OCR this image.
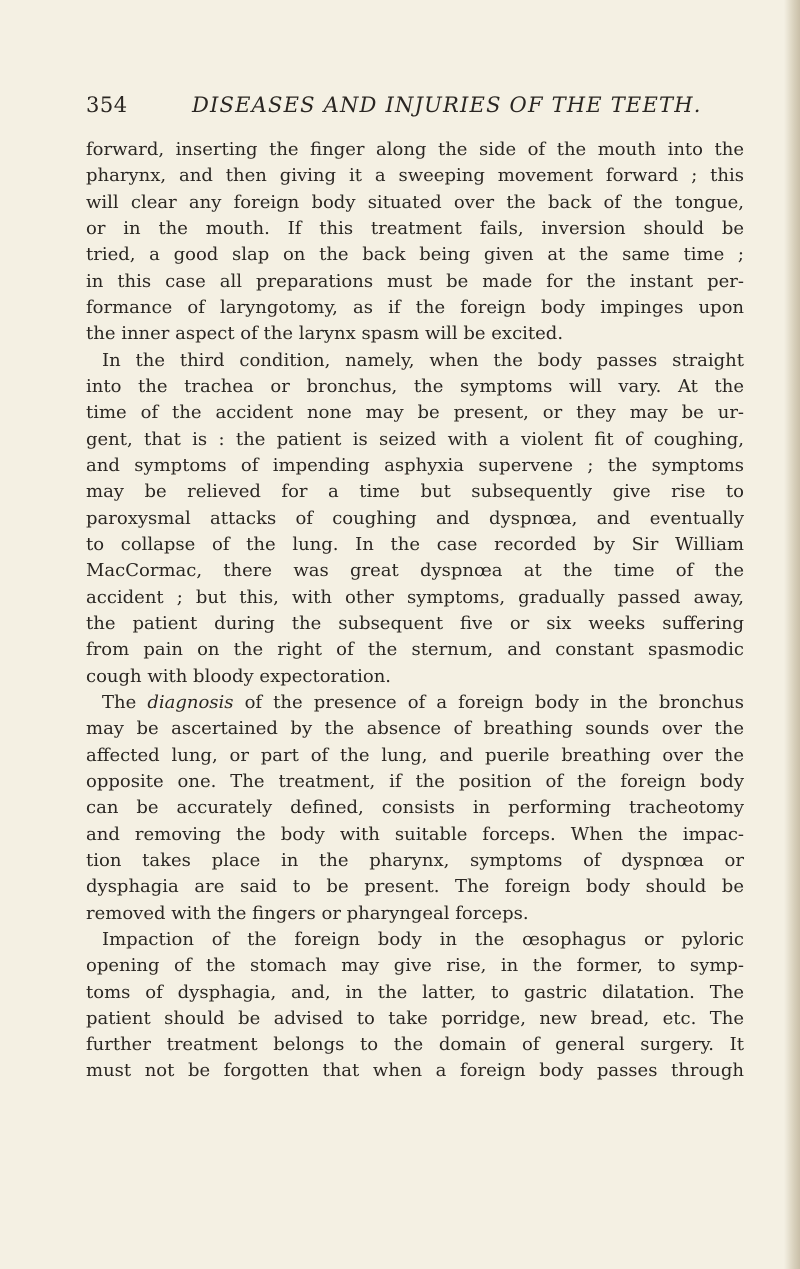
354	DISEASES AND INJURIES OF THE TEETH.
forward, inserting the finger along the side of the mouth into the
pharynx, and then giving it a sweeping movement forward ; this
will clear any foreign body situated over the back of the tongue,
or in the mouth. If this treatment fails, inversion should be
tried, a good slap on the back being given at the same time ;
in this case all preparations must be made for the instant per-
formance of laryngotomy, as if the foreign body impinges upon
the inner aspect of the larynx spasm will be excited.
In the third condition, namely, when the body passes straight
into the trachea or bronchus, the symptoms will vary. At the
time of the accident none may be present, or they may be ur-
gent, that is : the patient is seized with a violent fit of coughing,
and symptoms of impending asphyxia supervene ; the symptoms
may be relieved for a time but subsequently give rise to
paroxysmal attacks of coughing and dyspnœa, and eventually
to collapse of the lung. In the case recorded by Sir William
MacCormac, there was great dyspnœa at the time of the
accident ; but this, with other symptoms, gradually passed away,
the patient during the subsequent five or six weeks suffering
from pain on the right of the sternum, and constant spasmodic
cough with bloody expectoration.
The diagnosis of the presence of a foreign body in the bronchus
may be ascertained by the absence of breathing sounds over the
affected lung, or part of the lung, and puerile breathing over the
opposite one. The treatment, if the position of the foreign body
can be accurately defined, consists in performing tracheotomy
and removing the body with suitable forceps. When the impac-
tion takes place in the pharynx, symptoms of dyspnœa or
dysphagia are said to be present. The foreign body should be
removed with the fingers or pharyngeal forceps.
Impaction of the foreign body in the œsophagus or pyloric
opening of the stomach may give rise, in the former, to symp-
toms of dysphagia, and, in the latter, to gastric dilatation. The
patient should be advised to take porridge, new bread, etc. The
further treatment belongs to the domain of general surgery. It
must not be forgotten that when a foreign body passes through
